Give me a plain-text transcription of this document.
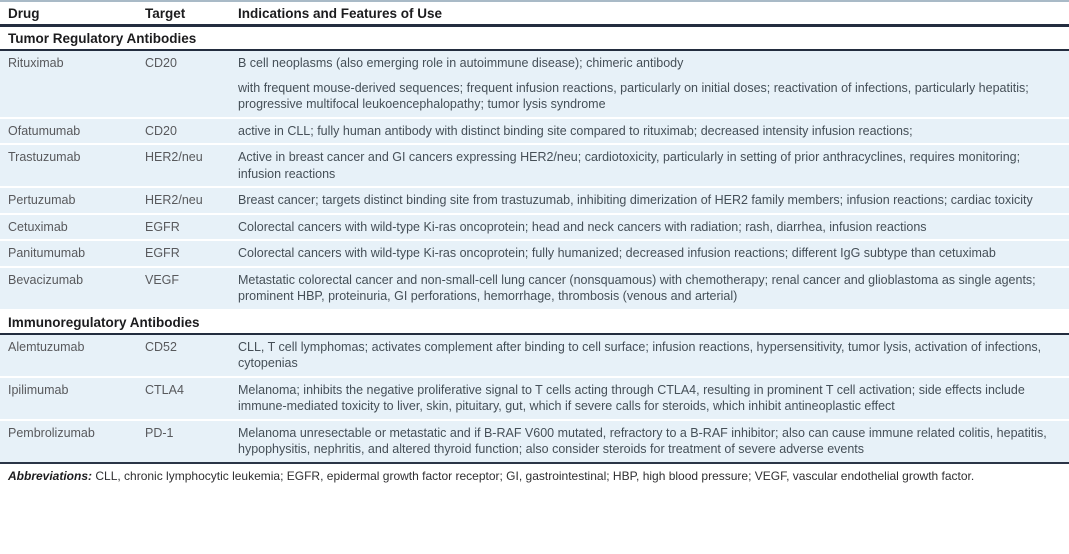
Drug	Target	Indications and Features of Use
Tumor Regulatory Antibodies
Rituximab	CD20	B cell neoplasms (also emerging role in autoimmune disease); chimeric antibody

with frequent mouse-derived sequences; frequent infusion reactions, particularly on initial doses; reactivation of infections, particularly hepatitis; progressive multifocal leukoencephalopathy; tumor lysis syndrome

Ofatumumab	CD20	active in CLL; fully human antibody with distinct binding site compared to rituximab; decreased intensity infusion reactions;

Trastuzumab	HER2/neu	Active in breast cancer and GI cancers expressing HER2/neu; cardiotoxicity, particularly in setting of prior anthracyclines, requires monitoring; infusion reactions

Pertuzumab	HER2/neu	Breast cancer; targets distinct binding site from trastuzumab, inhibiting dimerization of HER2 family members; infusion reactions; cardiac toxicity

Cetuximab	EGFR	Colorectal cancers with wild-type Ki-ras oncoprotein; head and neck cancers with radiation; rash, diarrhea, infusion reactions

Panitumumab	EGFR	Colorectal cancers with wild-type Ki-ras oncoprotein; fully humanized; decreased infusion reactions; different IgG subtype than cetuximab

Bevacizumab	VEGF	Metastatic colorectal cancer and non-small-cell lung cancer (nonsquamous) with chemotherapy; renal cancer and glioblastoma as single agents; prominent HBP, proteinuria, GI perforations, hemorrhage, thrombosis (venous and arterial)

Immunoregulatory Antibodies
Alemtuzumab	CD52	CLL, T cell lymphomas; activates complement after binding to cell surface; infusion reactions, hypersensitivity, tumor lysis, activation of infections, cytopenias

Ipilimumab	CTLA4	Melanoma; inhibits the negative proliferative signal to T cells acting through CTLA4, resulting in prominent T cell activation; side effects include immune-mediated toxicity to liver, skin, pituitary, gut, which if severe calls for steroids, which inhibit antineoplastic effect

Pembrolizumab	PD-1	Melanoma unresectable or metastatic and if B-RAF V600 mutated, refractory to a B-RAF inhibitor; also can cause immune related colitis, hepatitis, hypophysitis, nephritis, and altered thyroid function; also consider steroids for treatment of severe adverse events

Abbreviations: CLL, chronic lymphocytic leukemia; EGFR, epidermal growth factor receptor; GI, gastrointestinal; HBP, high blood pressure; VEGF, vascular endothelial growth factor.
